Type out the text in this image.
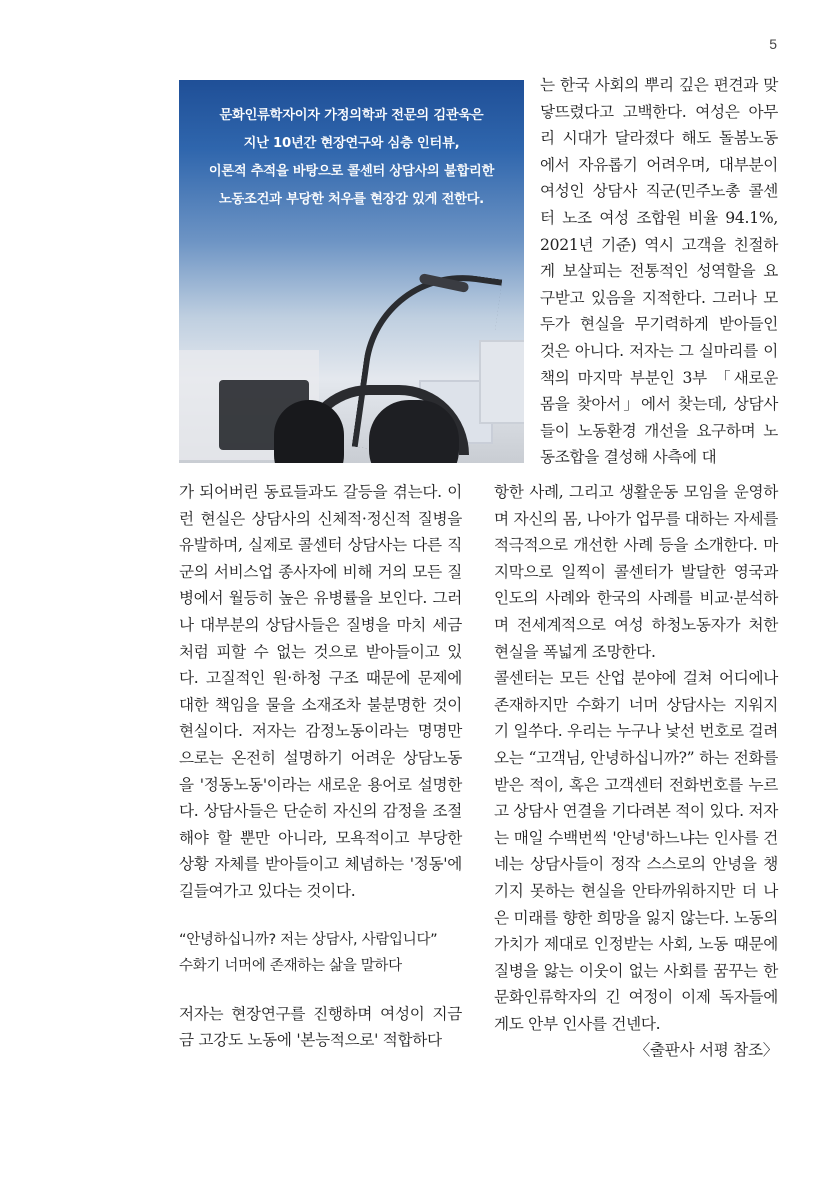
5
문화인류학자이자 가정의학과 전문의 김관욱은
지난 10년간 현장연구와 심층 인터뷰,
이론적 추적을 바탕으로 콜센터 상담사의 불합리한
노동조건과 부당한 처우를 현장감 있게 전한다.

는 한국 사회의 뿌리 깊은 편견과 맞닿뜨렸다고 고백한다. 여성은 아무리 시대가 달라졌다 해도 돌봄노동에서 자유롭기 어려우며, 대부분이 여성인 상담사 직군(민주노총 콜센터 노조 여성 조합원 비율 94.1%, 2021년 기준) 역시 고객을 친절하게 보살피는 전통적인 성역할을 요구받고 있음을 지적한다. 그러나 모두가 현실을 무기력하게 받아들인 것은 아니다. 저자는 그 실마리를 이 책의 마지막 부분인 3부 「새로운 몸을 찾아서」에서 찾는데, 상담사들이 노동환경 개선을 요구하며 노동조합을 결성해 사측에 대

가 되어버린 동료들과도 갈등을 겪는다. 이런 현실은 상담사의 신체적·정신적 질병을 유발하며, 실제로 콜센터 상담사는 다른 직군의 서비스업 종사자에 비해 거의 모든 질병에서 월등히 높은 유병률을 보인다. 그러나 대부분의 상담사들은 질병을 마치 세금처럼 피할 수 없는 것으로 받아들이고 있다. 고질적인 원·하청 구조 때문에 문제에 대한 책임을 물을 소재조차 불분명한 것이 현실이다. 저자는 감정노동이라는 명명만으로는 온전히 설명하기 어려운 상담노동을 '정동노동'이라는 새로운 용어로 설명한다. 상담사들은 단순히 자신의 감정을 조절해야 할 뿐만 아니라, 모욕적이고 부당한 상황 자체를 받아들이고 체념하는 '정동'에 길들여가고 있다는 것이다.

“안녕하십니까? 저는 상담사, 사람입니다”
수화기 너머에 존재하는 삶을 말하다

저자는 현장연구를 진행하며 여성이 지금 금 고강도 노동에 '본능적으로' 적합하다

항한 사례, 그리고 생활운동 모임을 운영하며 자신의 몸, 나아가 업무를 대하는 자세를 적극적으로 개선한 사례 등을 소개한다. 마지막으로 일찍이 콜센터가 발달한 영국과 인도의 사례와 한국의 사례를 비교·분석하며 전세계적으로 여성 하청노동자가 처한 현실을 폭넓게 조망한다.

콜센터는 모든 산업 분야에 걸쳐 어디에나 존재하지만 수화기 너머 상담사는 지워지기 일쑤다. 우리는 누구나 낯선 번호로 걸려오는 “고객님, 안녕하십니까?” 하는 전화를 받은 적이, 혹은 고객센터 전화번호를 누르고 상담사 연결을 기다려본 적이 있다. 저자는 매일 수백번씩 '안녕'하느냐는 인사를 건네는 상담사들이 정작 스스로의 안녕을 챙기지 못하는 현실을 안타까워하지만 더 나은 미래를 향한 희망을 잃지 않는다. 노동의 가치가 제대로 인정받는 사회, 노동 때문에 질병을 앓는 이웃이 없는 사회를 꿈꾸는 한 문화인류학자의 긴 여정이 이제 독자들에게도 안부 인사를 건넨다.
〈출판사 서평 참조〉
